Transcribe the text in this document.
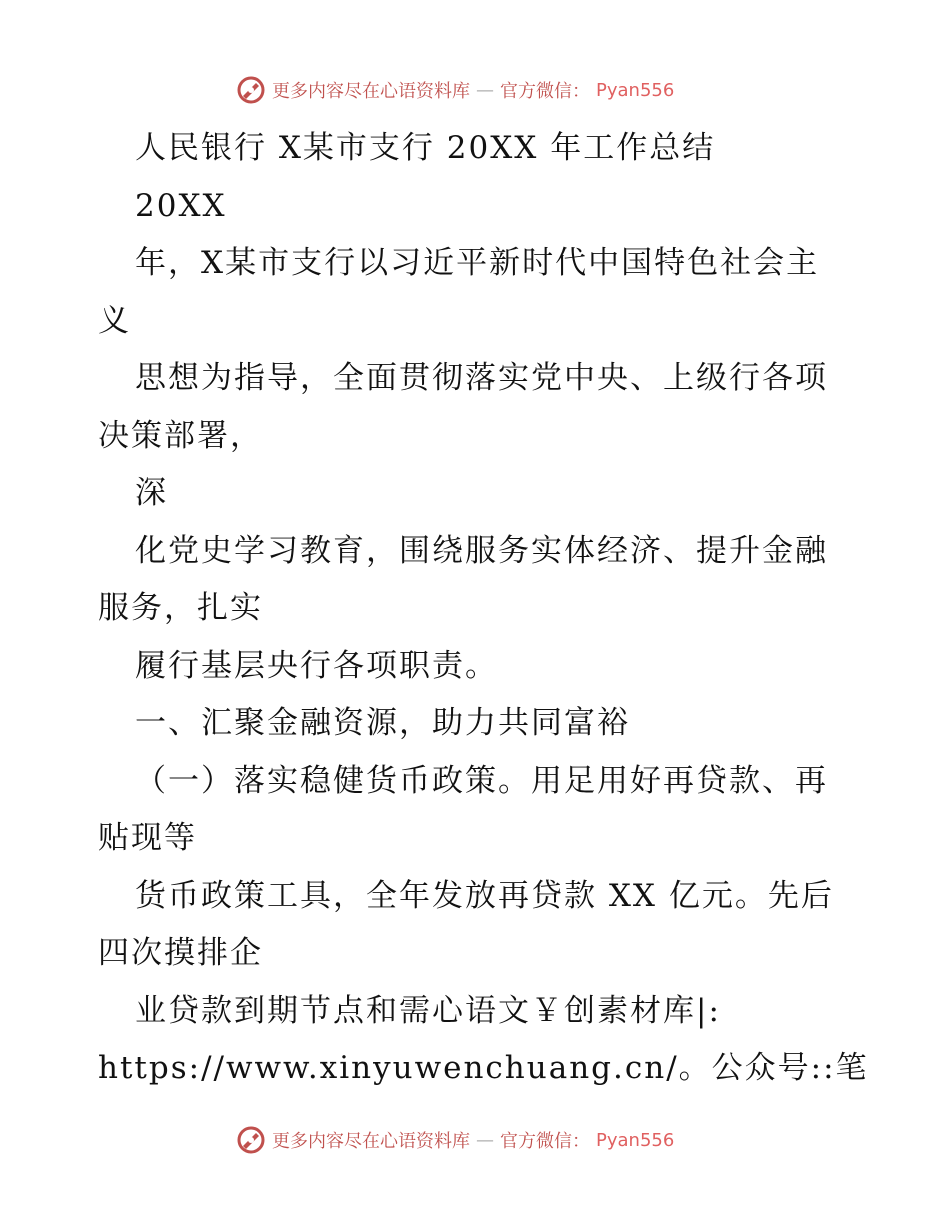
更多内容尽在心语资料库 — 官方微信： Pyan556
人民银行 X某市支行 20XX 年工作总结
20XX
年，X某市支行以习近平新时代中国特色社会主
义
思想为指导，全面贯彻落实党中央、上级行各项
决策部署，
深
化党史学习教育，围绕服务实体经济、提升金融
服务，扎实
履行基层央行各项职责。
一、汇聚金融资源，助力共同富裕
（一）落实稳健货币政策。用足用好再贷款、再
贴现等
货币政策工具，全年发放再贷款 XX 亿元。先后
四次摸排企
业贷款到期节点和需心语文￥创素材库|:
https://www.xinyuwenchuang.cn/。公众号::笔
更多内容尽在心语资料库 — 官方微信： Pyan556
